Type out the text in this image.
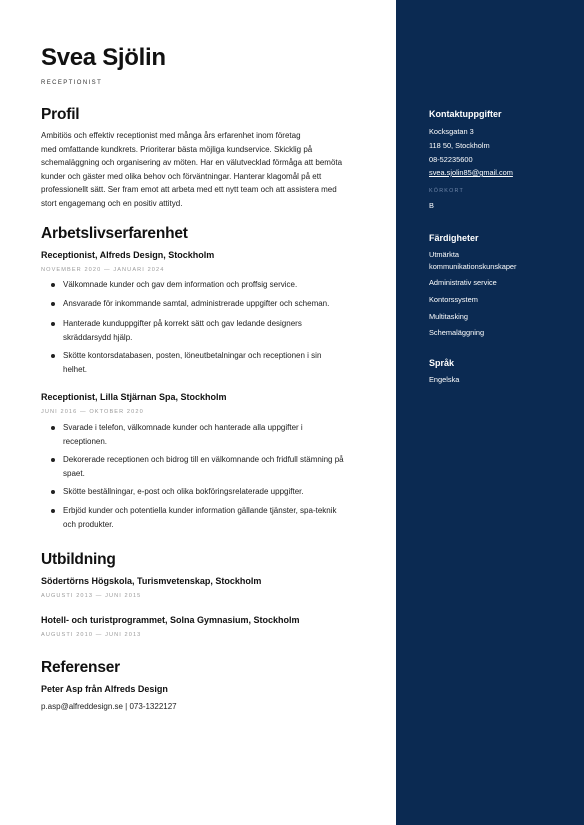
Svea Sjölin
RECEPTIONIST
Profil
Ambitiös och effektiv receptionist med många års erfarenhet inom företag
med omfattande kundkrets. Prioriterar bästa möjliga kundservice. Skicklig på
schemaläggning och organisering av möten. Har en välutvecklad förmåga att bemöta
kunder och gäster med olika behov och förväntningar. Hanterar klagomål på ett
professionellt sätt. Ser fram emot att arbeta med ett nytt team och att assistera med
stort engagemang och en positiv attityd.
Arbetslivserfarenhet
Receptionist, Alfreds Design, Stockholm
NOVEMBER 2020 — JANUARI 2024
Välkomnade kunder och gav dem information och proffsig service.
Ansvarade för inkommande samtal, administrerade uppgifter och scheman.
Hanterade kunduppgifter på korrekt sätt och gav ledande designers
skräddarsydd hjälp.
Skötte kontorsdatabasen, posten, löneutbetalningar och receptionen i sin
helhet.
Receptionist, Lilla Stjärnan Spa, Stockholm
JUNI 2016 — OKTOBER 2020
Svarade i telefon, välkomnade kunder och hanterade alla uppgifter i
receptionen.
Dekorerade receptionen och bidrog till en välkomnande och fridfull stämning på
spaet.
Skötte beställningar, e-post och olika bokföringsrelaterade uppgifter.
Erbjöd kunder och potentiella kunder information gällande tjänster, spa-teknik
och produkter.
Utbildning
Södertörns Högskola, Turismvetenskap, Stockholm
AUGUSTI 2013 — JUNI 2015
Hotell- och turistprogrammet, Solna Gymnasium, Stockholm
AUGUSTI 2010 — JUNI 2013
Referenser
Peter Asp från Alfreds Design
p.asp@alfreddesign.se | 073-1322127
Kontaktuppgifter
Kocksgatan 3
118 50, Stockholm
08-52235600
svea.sjolin85@gmail.com
KÖRKORT
B
Färdigheter
Utmärkta
kommunikationskunskaper
Administrativ service
Kontorssystem
Multitasking
Schemaläggning
Språk
Engelska
